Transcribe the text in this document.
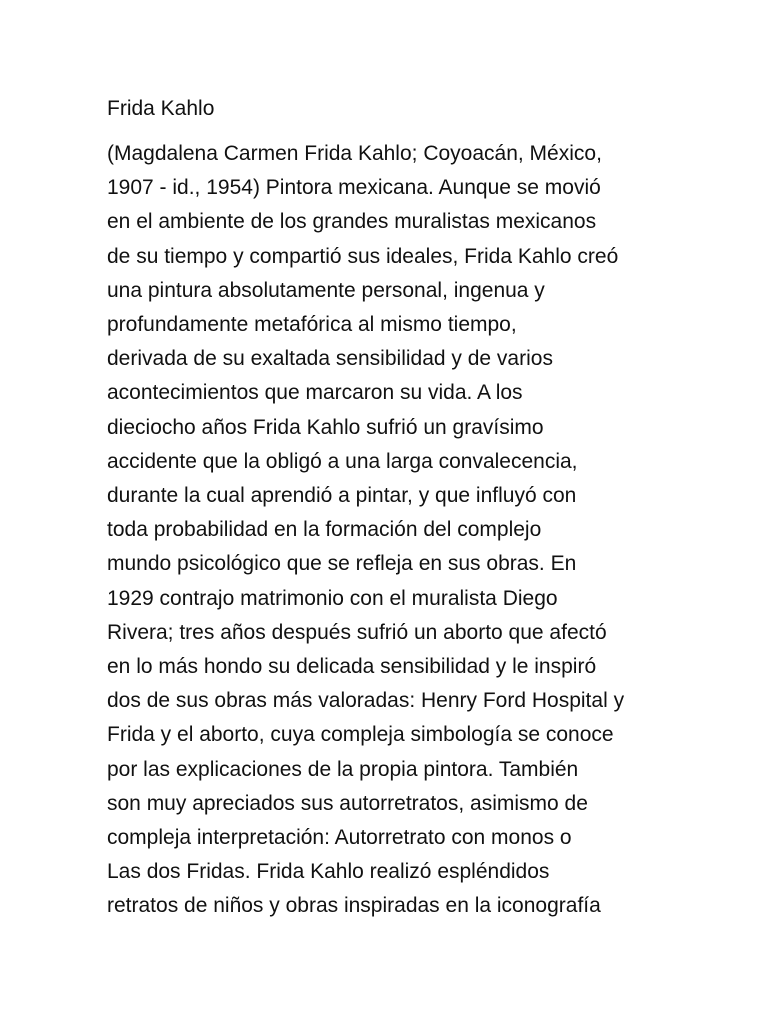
Frida Kahlo
(Magdalena Carmen Frida Kahlo; Coyoacán, México,
1907 - id., 1954) Pintora mexicana. Aunque se movió
en el ambiente de los grandes muralistas mexicanos
de su tiempo y compartió sus ideales, Frida Kahlo creó
una pintura absolutamente personal, ingenua y
profundamente metafórica al mismo tiempo,
derivada de su exaltada sensibilidad y de varios
acontecimientos que marcaron su vida. A los
dieciocho años Frida Kahlo sufrió un gravísimo
accidente que la obligó a una larga convalecencia,
durante la cual aprendió a pintar, y que influyó con
toda probabilidad en la formación del complejo
mundo psicológico que se refleja en sus obras. En
1929 contrajo matrimonio con el muralista Diego
Rivera; tres años después sufrió un aborto que afectó
en lo más hondo su delicada sensibilidad y le inspiró
dos de sus obras más valoradas: Henry Ford Hospital y
Frida y el aborto, cuya compleja simbología se conoce
por las explicaciones de la propia pintora. También
son muy apreciados sus autorretratos, asimismo de
compleja interpretación: Autorretrato con monos o
Las dos Fridas. Frida Kahlo realizó espléndidos
retratos de niños y obras inspiradas en la iconografía
